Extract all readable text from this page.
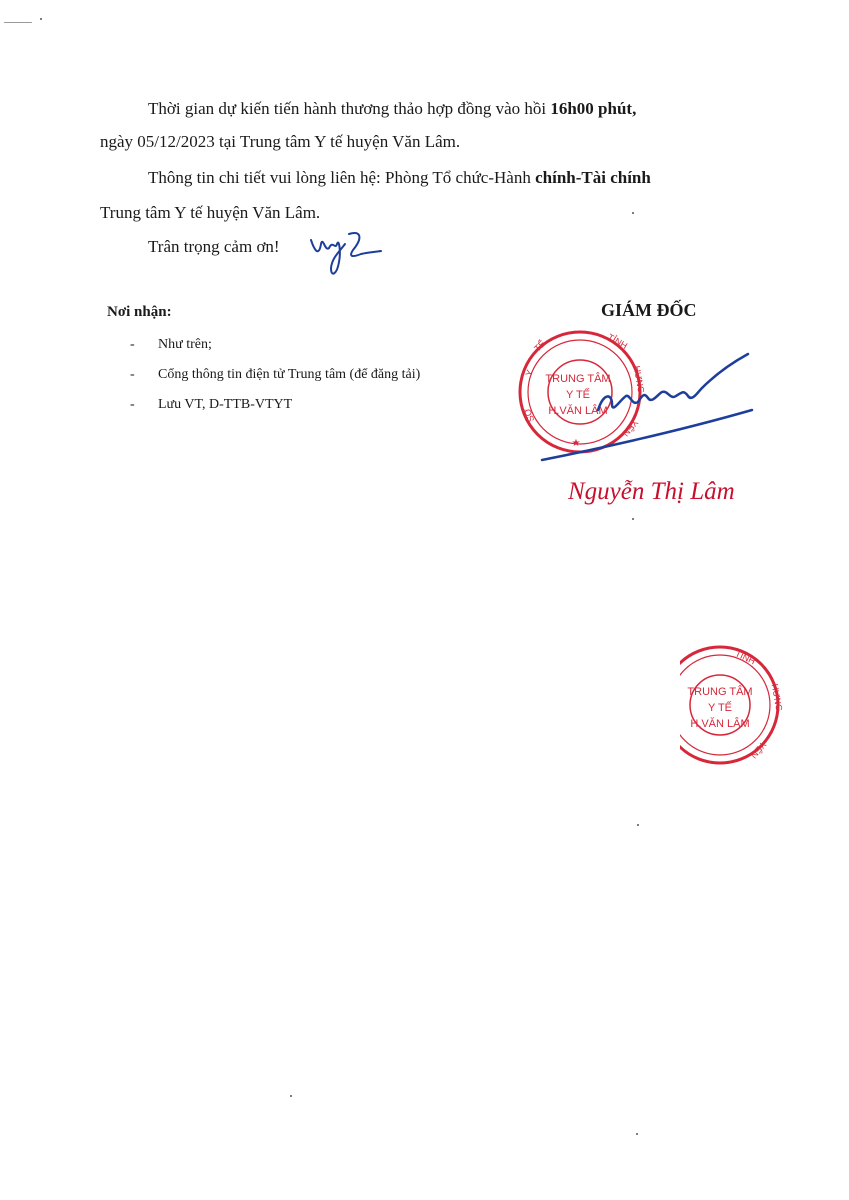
Thời gian dự kiến tiến hành thương thảo hợp đồng vào hồi 16h00 phút,
ngày 05/12/2023 tại Trung tâm Y tế huyện Văn Lâm.
Thông tin chi tiết vui lòng liên hệ: Phòng Tổ chức-Hành chính-Tài chính
Trung tâm Y tế huyện Văn Lâm.
Trân trọng cảm ơn!
Nơi nhận:
- Như trên;
- Cổng thông tin điện tử Trung tâm (để đăng tải)
- Lưu VT, D-TTB-VTYT
GIÁM ĐỐC
TẾ
Y
SỞ
TỈNH
HƯNG
YÊN
★
TRUNG TÂM
Y TẾ
H.VĂN LÂM
Nguyễn Thị Lâm
TỈNH
HƯNG
YÊN
TRUNG TÂM
Y TẾ
H.VĂN LÂM
